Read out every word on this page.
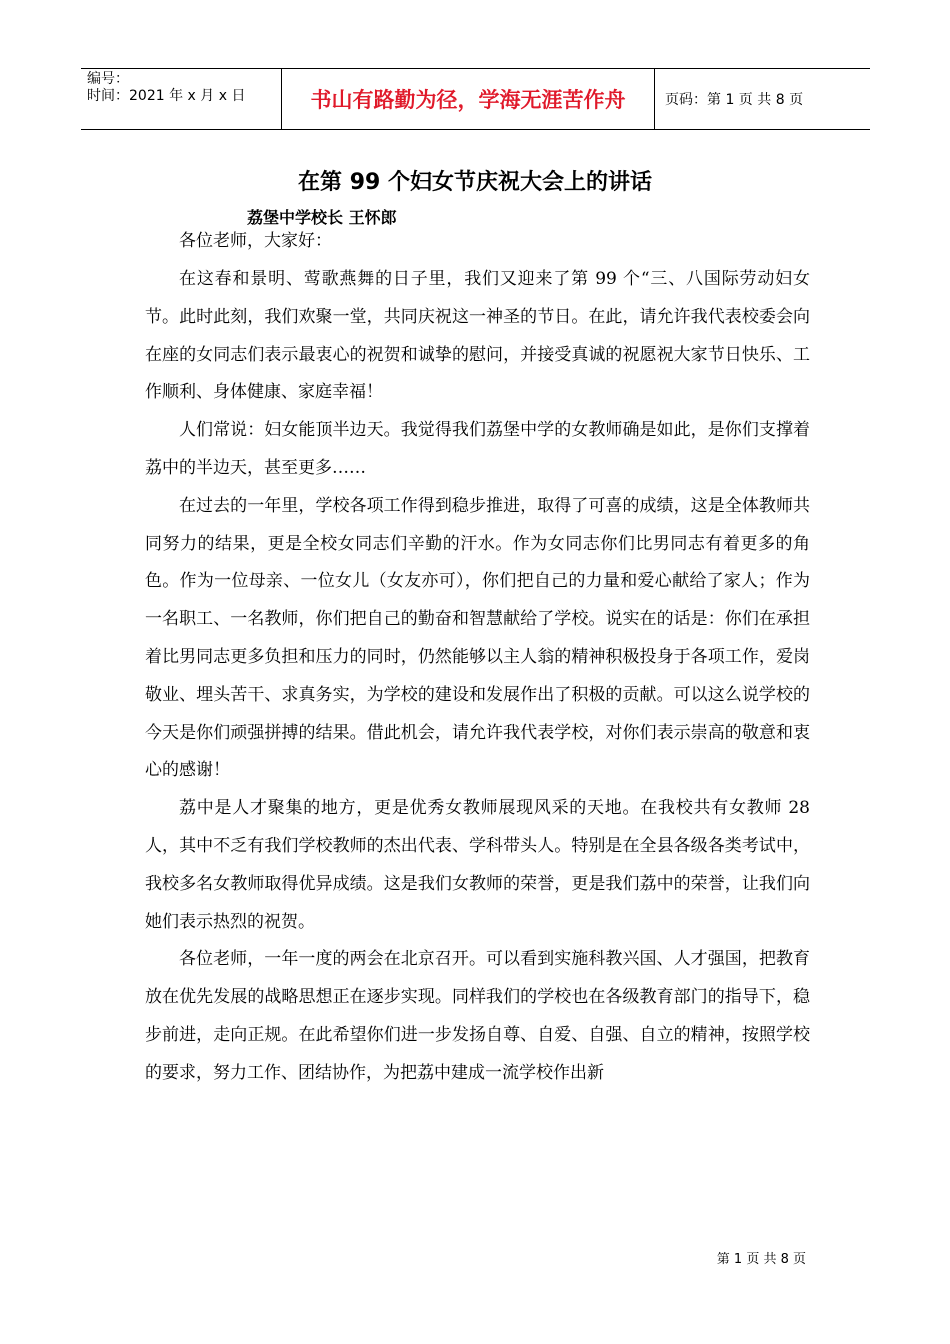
编号：
时间：2021 年 x 月 x 日	书山有路勤为径，学海无涯苦作舟	页码：第 1 页 共 8 页
在第 99 个妇女节庆祝大会上的讲话
荔堡中学校长 王怀郎

各位老师，大家好：

在这春和景明、莺歌燕舞的日子里，我们又迎来了第 99 个“三、八国际劳动妇女节。此时此刻，我们欢聚一堂，共同庆祝这一神圣的节日。在此，请允许我代表校委会向在座的女同志们表示最衷心的祝贺和诚挚的慰问，并接受真诚的祝愿祝大家节日快乐、工作顺利、身体健康、家庭幸福！

人们常说：妇女能顶半边天。我觉得我们荔堡中学的女教师确是如此，是你们支撑着荔中的半边天，甚至更多……

在过去的一年里，学校各项工作得到稳步推进，取得了可喜的成绩，这是全体教师共同努力的结果，更是全校女同志们辛勤的汗水。作为女同志你们比男同志有着更多的角色。作为一位母亲、一位女儿（女友亦可），你们把自己的力量和爱心献给了家人；作为一名职工、一名教师，你们把自己的勤奋和智慧献给了学校。说实在的话是：你们在承担着比男同志更多负担和压力的同时，仍然能够以主人翁的精神积极投身于各项工作，爱岗敬业、埋头苦干、求真务实，为学校的建设和发展作出了积极的贡献。可以这么说学校的今天是你们顽强拼搏的结果。借此机会，请允许我代表学校，对你们表示崇高的敬意和衷心的感谢！

荔中是人才聚集的地方，更是优秀女教师展现风采的天地。在我校共有女教师 28 人，其中不乏有我们学校教师的杰出代表、学科带头人。特别是在全县各级各类考试中，我校多名女教师取得优异成绩。这是我们女教师的荣誉，更是我们荔中的荣誉，让我们向她们表示热烈的祝贺。

各位老师，一年一度的两会在北京召开。可以看到实施科教兴国、人才强国，把教育放在优先发展的战略思想正在逐步实现。同样我们的学校也在各级教育部门的指导下，稳步前进，走向正规。在此希望你们进一步发扬自尊、自爱、自强、自立的精神，按照学校的要求，努力工作、团结协作，为把荔中建成一流学校作出新

第 1 页 共 8 页
